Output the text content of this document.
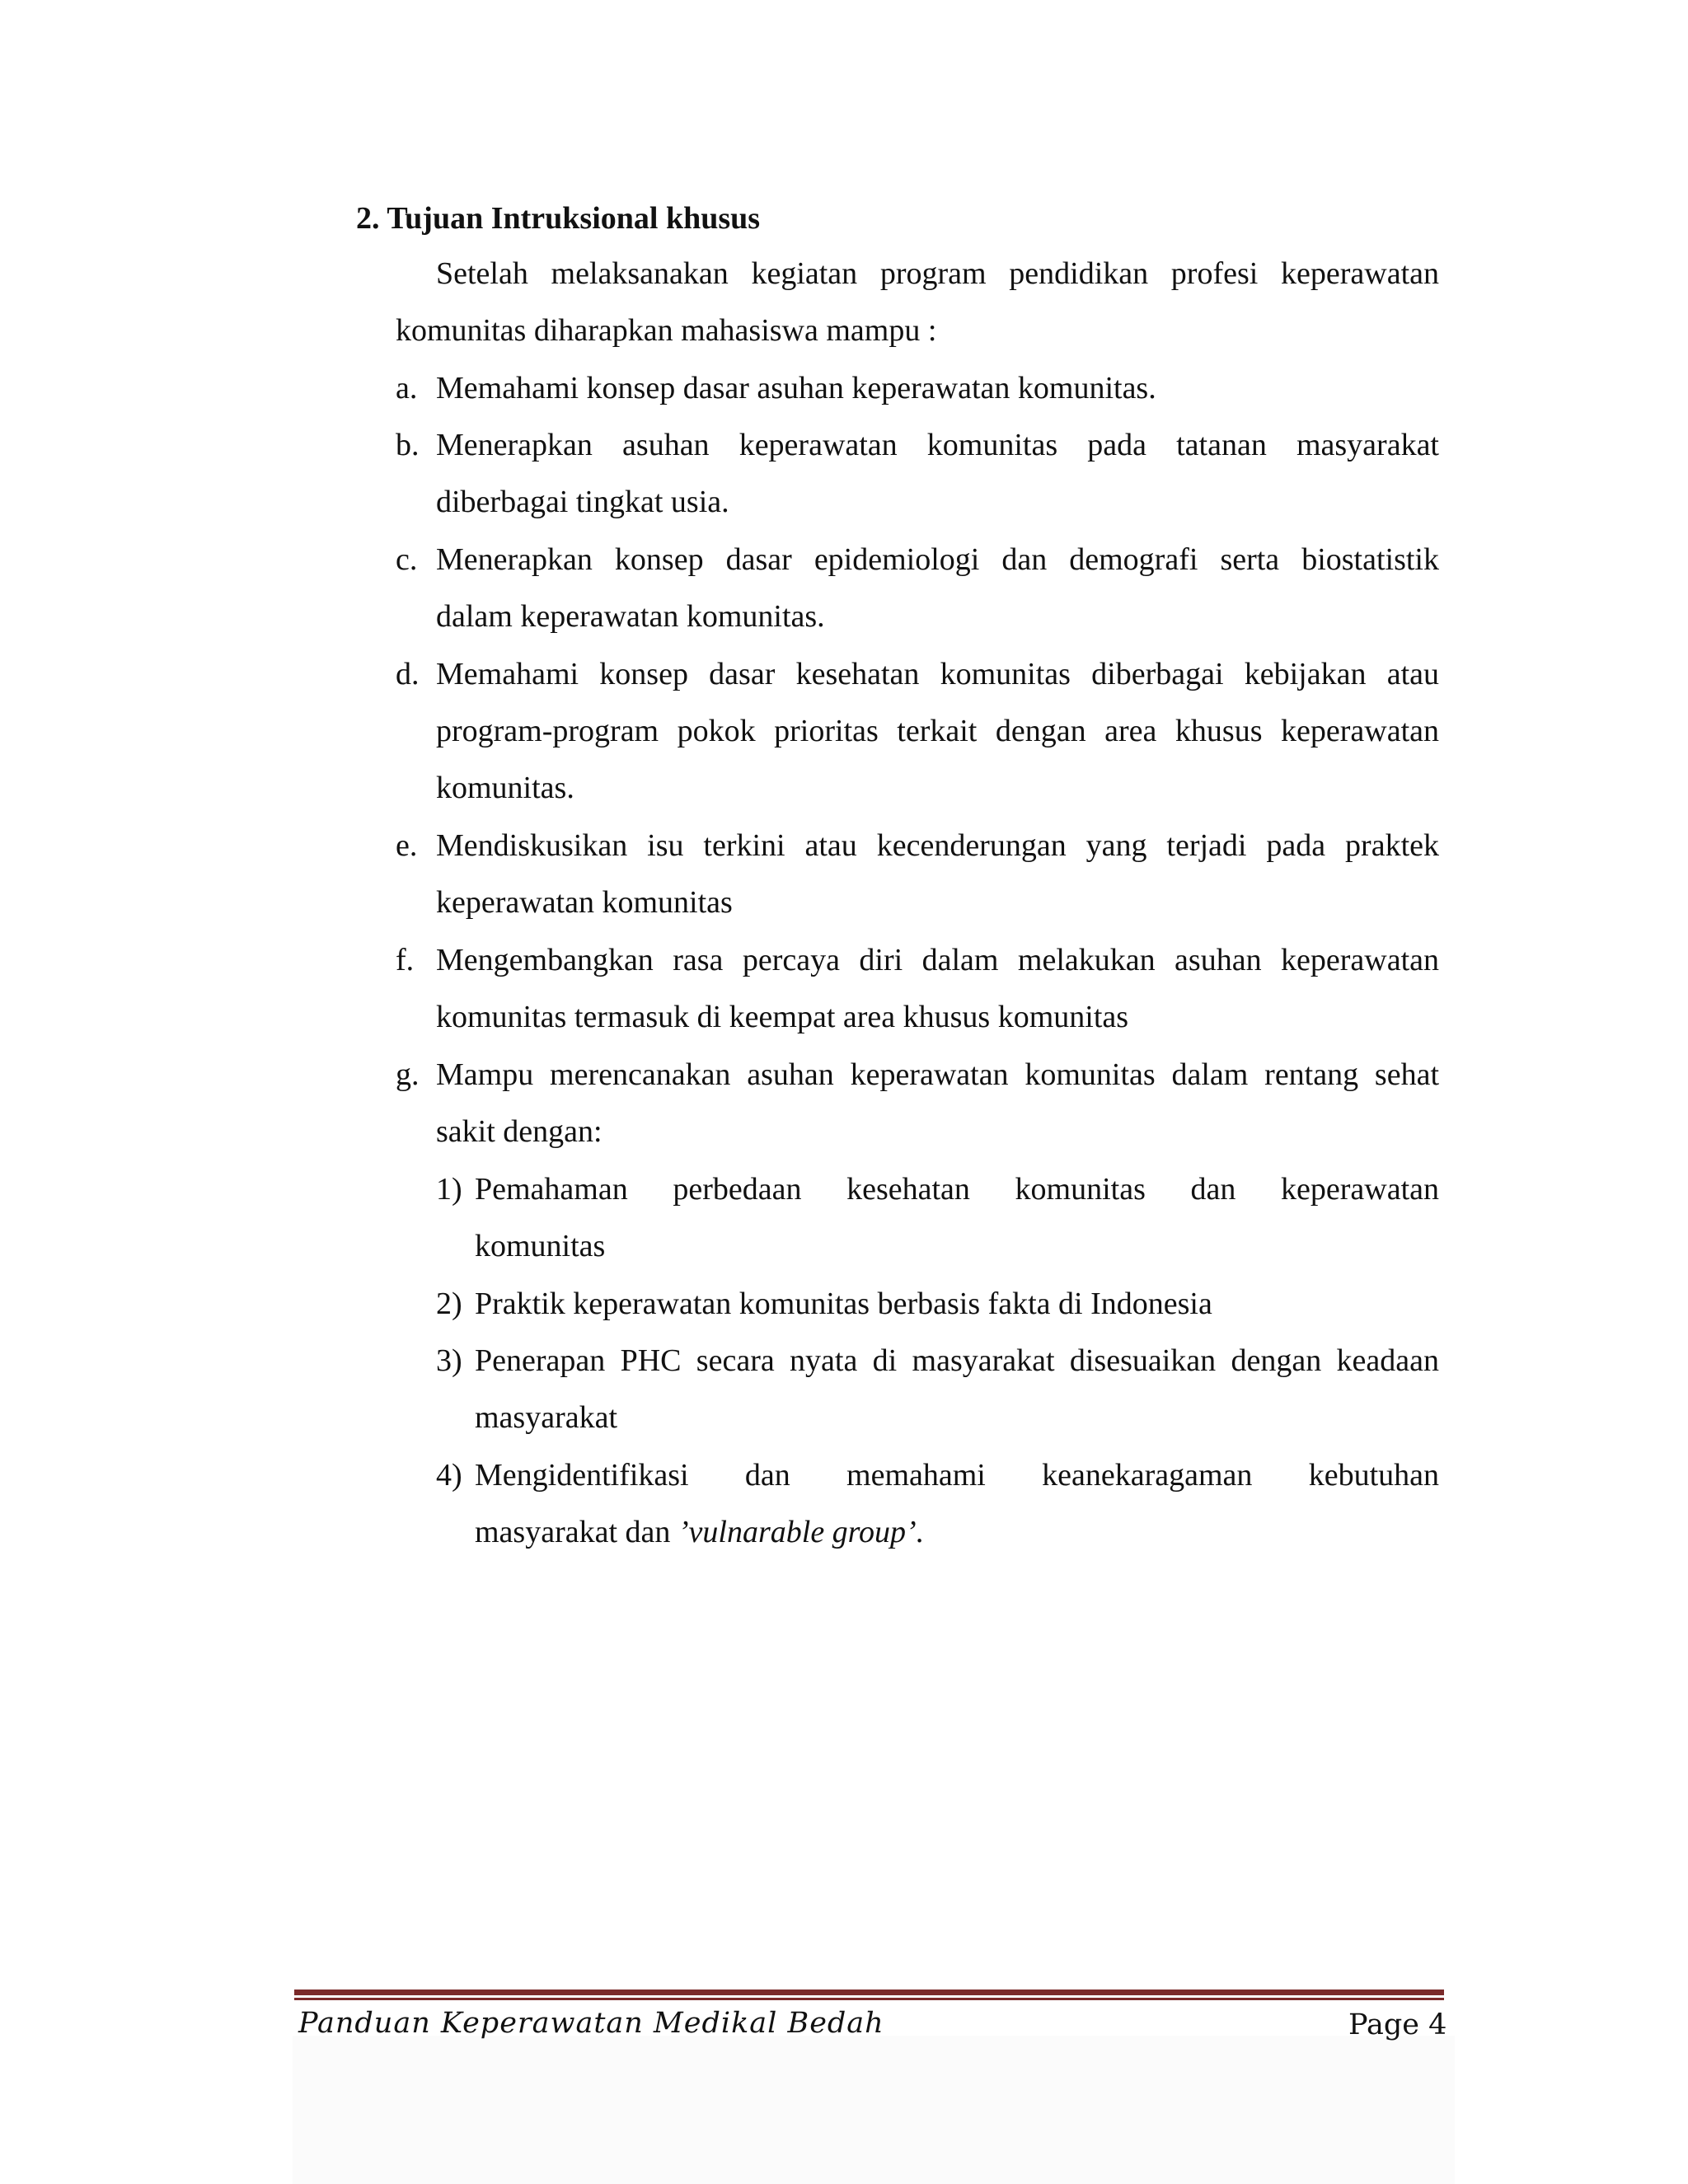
2. Tujuan Intruksional khusus
Setelah melaksanakan kegiatan program pendidikan profesi keperawatan
komunitas diharapkan mahasiswa mampu :
a. Memahami konsep dasar asuhan keperawatan komunitas.
b. Menerapkan asuhan keperawatan komunitas pada tatanan masyarakat
diberbagai tingkat usia.
c. Menerapkan konsep dasar epidemiologi dan demografi serta biostatistik
dalam keperawatan komunitas.
d. Memahami konsep dasar kesehatan komunitas diberbagai kebijakan atau
program-program pokok prioritas terkait dengan area khusus keperawatan
komunitas.
e. Mendiskusikan isu terkini atau kecenderungan yang terjadi pada praktek
keperawatan komunitas
f. Mengembangkan rasa percaya diri dalam melakukan asuhan keperawatan
komunitas termasuk di keempat area khusus komunitas
g. Mampu merencanakan asuhan keperawatan komunitas dalam rentang sehat
sakit dengan:
1) Pemahaman perbedaan kesehatan komunitas dan keperawatan
komunitas
2) Praktik keperawatan komunitas berbasis fakta di Indonesia
3) Penerapan PHC secara nyata di masyarakat disesuaikan dengan keadaan
masyarakat
4) Mengidentifikasi dan memahami keanekaragaman kebutuhan
masyarakat dan ’vulnarable group’.
Panduan Keperawatan Medikal Bedah	Page 4
